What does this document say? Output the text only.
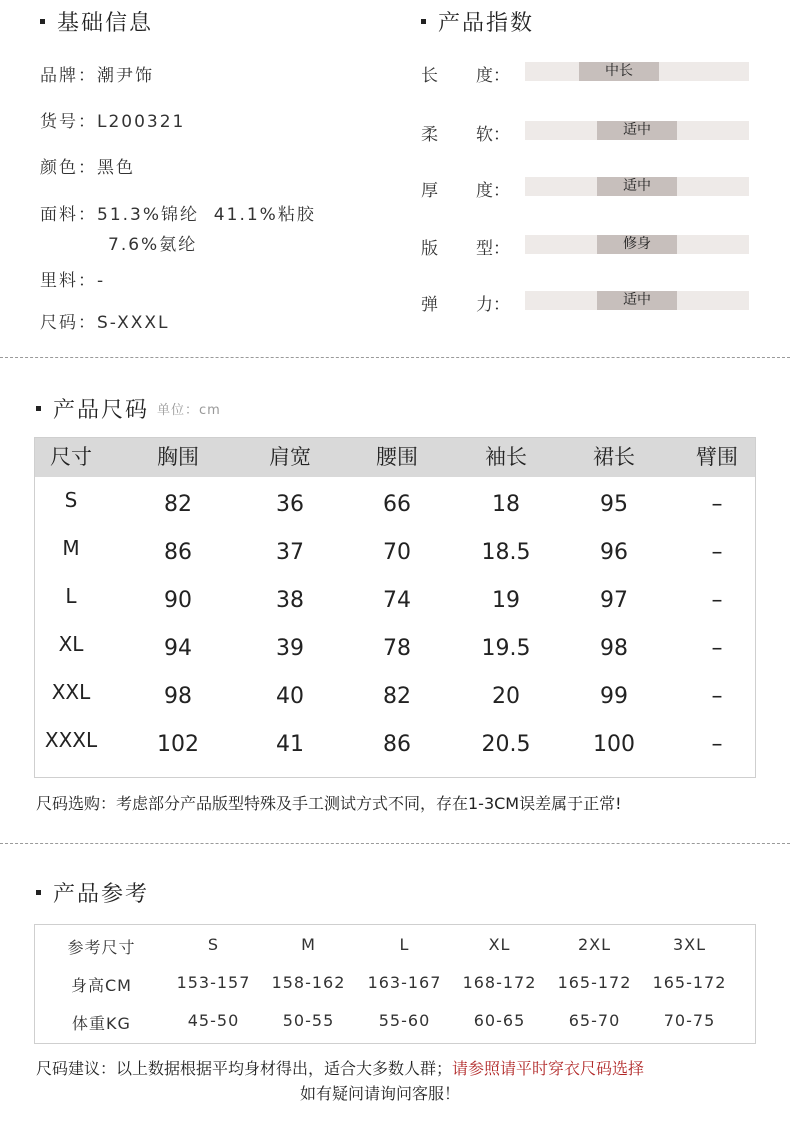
基础信息
品牌：潮尹饰
货号：L200321
颜色：黑色
面料：51.3%锦纶  41.1%粘胶
7.6%氨纶
里料：-
尺码：S-XXXL
产品指数
长 度：	中长
柔 软：	适中
厚 度：	适中
版 型：	修身
弹 力：	适中
产品尺码 单位：cm
尺寸	胸围	肩宽	腰围	袖长	裙长	臂围
S	82	36	66	18	95	–
M	86	37	70	18.5	96	–
L	90	38	74	19	97	–
XL	94	39	78	19.5	98	–
XXL	98	40	82	20	99	–
XXXL	102	41	86	20.5	100	–
尺码选购：考虑部分产品版型特殊及手工测试方式不同，存在1-3CM误差属于正常!
产品参考
参考尺寸	S	M	L	XL	2XL	3XL
身高CM	153-157	158-162	163-167	168-172	165-172	165-172
体重KG	45-50	50-55	55-60	60-65	65-70	70-75
尺码建议：以上数据根据平均身材得出，适合大多数人群；请参照请平时穿衣尺码选择
如有疑问请询问客服！
